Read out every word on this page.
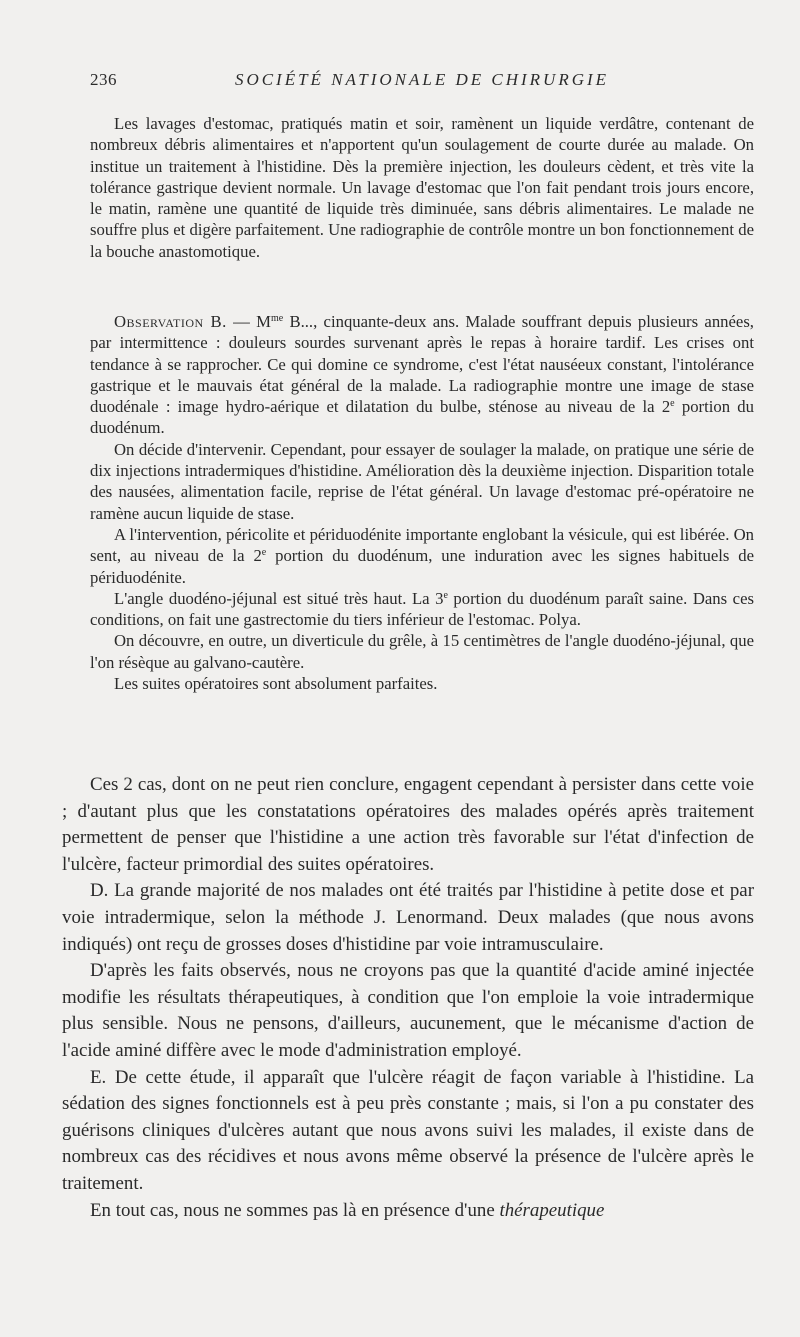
236	SOCIÉTÉ NATIONALE DE CHIRURGIE

Les lavages d'estomac, pratiqués matin et soir, ramènent un liquide verdâtre, contenant de nombreux débris alimentaires et n'apportent qu'un soulagement de courte durée au malade. On institue un traitement à l'histidine. Dès la première injection, les douleurs cèdent, et très vite la tolérance gastrique devient normale. Un lavage d'estomac que l'on fait pendant trois jours encore, le matin, ramène une quantité de liquide très diminuée, sans débris alimentaires. Le malade ne souffre plus et digère parfaitement. Une radiographie de contrôle montre un bon fonctionnement de la bouche anastomotique.

Observation B. — $M^{me}$ B..., cinquante-deux ans. Malade souffrant depuis plusieurs années, par intermittence : douleurs sourdes survenant après le repas à horaire tardif. Les crises ont tendance à se rapprocher. Ce qui domine ce syndrome, c'est l'état nauséeux constant, l'intolérance gastrique et le mauvais état général de la malade. La radiographie montre une image de stase duodénale : image hydro-aérique et dilatation du bulbe, sténose au niveau de la 2e portion du duodénum.

On décide d'intervenir. Cependant, pour essayer de soulager la malade, on pratique une série de dix injections intradermiques d'histidine. Amélioration dès la deuxième injection. Disparition totale des nausées, alimentation facile, reprise de l'état général. Un lavage d'estomac pré-opératoire ne ramène aucun liquide de stase.

A l'intervention, péricolite et périduodénite importante englobant la vésicule, qui est libérée. On sent, au niveau de la 2e portion du duodénum, une induration avec les signes habituels de périduodénite.

L'angle duodéno-jéjunal est situé très haut. La 3e portion du duodénum paraît saine. Dans ces conditions, on fait une gastrectomie du tiers inférieur de l'estomac. Polya.

On découvre, en outre, un diverticule du grêle, à 15 centimètres de l'angle duodéno-jéjunal, que l'on résèque au galvano-cautère.

Les suites opératoires sont absolument parfaites.

Ces 2 cas, dont on ne peut rien conclure, engagent cependant à persister dans cette voie ; d'autant plus que les constatations opératoires des malades opérés après traitement permettent de penser que l'histidine a une action très favorable sur l'état d'infection de l'ulcère, facteur primordial des suites opératoires.

D. La grande majorité de nos malades ont été traités par l'histidine à petite dose et par voie intradermique, selon la méthode J. Lenormand. Deux malades (que nous avons indiqués) ont reçu de grosses doses d'histidine par voie intramusculaire.

D'après les faits observés, nous ne croyons pas que la quantité d'acide aminé injectée modifie les résultats thérapeutiques, à condition que l'on emploie la voie intradermique plus sensible. Nous ne pensons, d'ailleurs, aucunement, que le mécanisme d'action de l'acide aminé diffère avec le mode d'administration employé.

E. De cette étude, il apparaît que l'ulcère réagit de façon variable à l'histidine. La sédation des signes fonctionnels est à peu près constante ; mais, si l'on a pu constater des guérisons cliniques d'ulcères autant que nous avons suivi les malades, il existe dans de nombreux cas des récidives et nous avons même observé la présence de l'ulcère après le traitement.

En tout cas, nous ne sommes pas là en présence d'une thérapeutique
